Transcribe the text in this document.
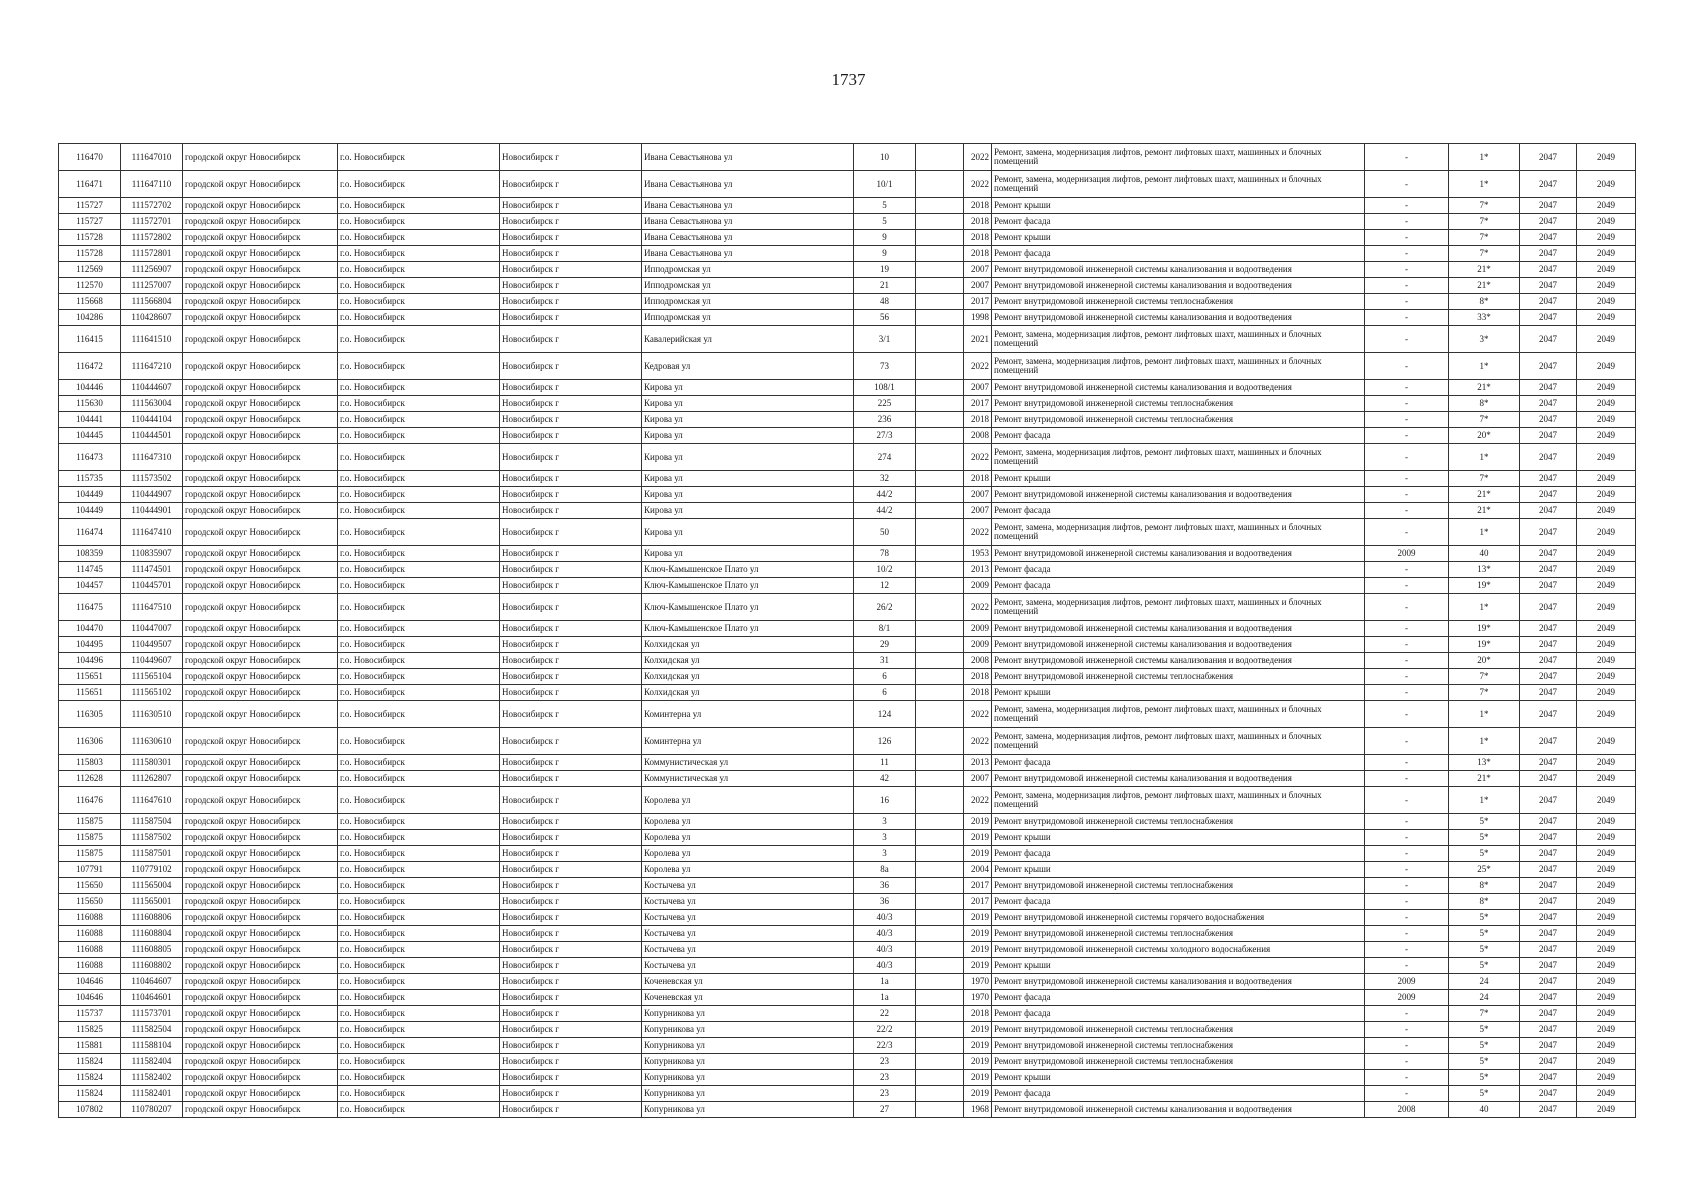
1737
116470	111647010	городской округ Новосибирск	г.о. Новосибирск	Новосибирск г	Ивана Севастьянова ул	10		2022	Ремонт, замена, модернизация лифтов, ремонт лифтовых шахт, машинных и блочных помещений	-	1*	2047	2049
116471	111647110	городской округ Новосибирск	г.о. Новосибирск	Новосибирск г	Ивана Севастьянова ул	10/1		2022	Ремонт, замена, модернизация лифтов, ремонт лифтовых шахт, машинных и блочных помещений	-	1*	2047	2049
115727	111572702	городской округ Новосибирск	г.о. Новосибирск	Новосибирск г	Ивана Севастьянова ул	5		2018	Ремонт крыши	-	7*	2047	2049
115727	111572701	городской округ Новосибирск	г.о. Новосибирск	Новосибирск г	Ивана Севастьянова ул	5		2018	Ремонт фасада	-	7*	2047	2049
115728	111572802	городской округ Новосибирск	г.о. Новосибирск	Новосибирск г	Ивана Севастьянова ул	9		2018	Ремонт крыши	-	7*	2047	2049
115728	111572801	городской округ Новосибирск	г.о. Новосибирск	Новосибирск г	Ивана Севастьянова ул	9		2018	Ремонт фасада	-	7*	2047	2049
112569	111256907	городской округ Новосибирск	г.о. Новосибирск	Новосибирск г	Ипподромская ул	19		2007	Ремонт внутридомовой инженерной системы канализования и водоотведения	-	21*	2047	2049
112570	111257007	городской округ Новосибирск	г.о. Новосибирск	Новосибирск г	Ипподромская ул	21		2007	Ремонт внутридомовой инженерной системы канализования и водоотведения	-	21*	2047	2049
115668	111566804	городской округ Новосибирск	г.о. Новосибирск	Новосибирск г	Ипподромская ул	48		2017	Ремонт внутридомовой инженерной системы теплоснабжения	-	8*	2047	2049
104286	110428607	городской округ Новосибирск	г.о. Новосибирск	Новосибирск г	Ипподромская ул	56		1998	Ремонт внутридомовой инженерной системы канализования и водоотведения	-	33*	2047	2049
116415	111641510	городской округ Новосибирск	г.о. Новосибирск	Новосибирск г	Кавалерийская ул	3/1		2021	Ремонт, замена, модернизация лифтов, ремонт лифтовых шахт, машинных и блочных помещений	-	3*	2047	2049
116472	111647210	городской округ Новосибирск	г.о. Новосибирск	Новосибирск г	Кедровая ул	73		2022	Ремонт, замена, модернизация лифтов, ремонт лифтовых шахт, машинных и блочных помещений	-	1*	2047	2049
104446	110444607	городской округ Новосибирск	г.о. Новосибирск	Новосибирск г	Кирова ул	108/1		2007	Ремонт внутридомовой инженерной системы канализования и водоотведения	-	21*	2047	2049
115630	111563004	городской округ Новосибирск	г.о. Новосибирск	Новосибирск г	Кирова ул	225		2017	Ремонт внутридомовой инженерной системы теплоснабжения	-	8*	2047	2049
104441	110444104	городской округ Новосибирск	г.о. Новосибирск	Новосибирск г	Кирова ул	236		2018	Ремонт внутридомовой инженерной системы теплоснабжения	-	7*	2047	2049
104445	110444501	городской округ Новосибирск	г.о. Новосибирск	Новосибирск г	Кирова ул	27/3		2008	Ремонт фасада	-	20*	2047	2049
116473	111647310	городской округ Новосибирск	г.о. Новосибирск	Новосибирск г	Кирова ул	274		2022	Ремонт, замена, модернизация лифтов, ремонт лифтовых шахт, машинных и блочных помещений	-	1*	2047	2049
115735	111573502	городской округ Новосибирск	г.о. Новосибирск	Новосибирск г	Кирова ул	32		2018	Ремонт крыши	-	7*	2047	2049
104449	110444907	городской округ Новосибирск	г.о. Новосибирск	Новосибирск г	Кирова ул	44/2		2007	Ремонт внутридомовой инженерной системы канализования и водоотведения	-	21*	2047	2049
104449	110444901	городской округ Новосибирск	г.о. Новосибирск	Новосибирск г	Кирова ул	44/2		2007	Ремонт фасада	-	21*	2047	2049
116474	111647410	городской округ Новосибирск	г.о. Новосибирск	Новосибирск г	Кирова ул	50		2022	Ремонт, замена, модернизация лифтов, ремонт лифтовых шахт, машинных и блочных помещений	-	1*	2047	2049
108359	110835907	городской округ Новосибирск	г.о. Новосибирск	Новосибирск г	Кирова ул	78		1953	Ремонт внутридомовой инженерной системы канализования и водоотведения	2009	40	2047	2049
114745	111474501	городской округ Новосибирск	г.о. Новосибирск	Новосибирск г	Ключ-Камышенское Плато ул	10/2		2013	Ремонт фасада	-	13*	2047	2049
104457	110445701	городской округ Новосибирск	г.о. Новосибирск	Новосибирск г	Ключ-Камышенское Плато ул	12		2009	Ремонт фасада	-	19*	2047	2049
116475	111647510	городской округ Новосибирск	г.о. Новосибирск	Новосибирск г	Ключ-Камышенское Плато ул	26/2		2022	Ремонт, замена, модернизация лифтов, ремонт лифтовых шахт, машинных и блочных помещений	-	1*	2047	2049
104470	110447007	городской округ Новосибирск	г.о. Новосибирск	Новосибирск г	Ключ-Камышенское Плато ул	8/1		2009	Ремонт внутридомовой инженерной системы канализования и водоотведения	-	19*	2047	2049
104495	110449507	городской округ Новосибирск	г.о. Новосибирск	Новосибирск г	Колхидская ул	29		2009	Ремонт внутридомовой инженерной системы канализования и водоотведения	-	19*	2047	2049
104496	110449607	городской округ Новосибирск	г.о. Новосибирск	Новосибирск г	Колхидская ул	31		2008	Ремонт внутридомовой инженерной системы канализования и водоотведения	-	20*	2047	2049
115651	111565104	городской округ Новосибирск	г.о. Новосибирск	Новосибирск г	Колхидская ул	6		2018	Ремонт внутридомовой инженерной системы теплоснабжения	-	7*	2047	2049
115651	111565102	городской округ Новосибирск	г.о. Новосибирск	Новосибирск г	Колхидская ул	6		2018	Ремонт крыши	-	7*	2047	2049
116305	111630510	городской округ Новосибирск	г.о. Новосибирск	Новосибирск г	Коминтерна ул	124		2022	Ремонт, замена, модернизация лифтов, ремонт лифтовых шахт, машинных и блочных помещений	-	1*	2047	2049
116306	111630610	городской округ Новосибирск	г.о. Новосибирск	Новосибирск г	Коминтерна ул	126		2022	Ремонт, замена, модернизация лифтов, ремонт лифтовых шахт, машинных и блочных помещений	-	1*	2047	2049
115803	111580301	городской округ Новосибирск	г.о. Новосибирск	Новосибирск г	Коммунистическая ул	11		2013	Ремонт фасада	-	13*	2047	2049
112628	111262807	городской округ Новосибирск	г.о. Новосибирск	Новосибирск г	Коммунистическая ул	42		2007	Ремонт внутридомовой инженерной системы канализования и водоотведения	-	21*	2047	2049
116476	111647610	городской округ Новосибирск	г.о. Новосибирск	Новосибирск г	Королева ул	16		2022	Ремонт, замена, модернизация лифтов, ремонт лифтовых шахт, машинных и блочных помещений	-	1*	2047	2049
115875	111587504	городской округ Новосибирск	г.о. Новосибирск	Новосибирск г	Королева ул	3		2019	Ремонт внутридомовой инженерной системы теплоснабжения	-	5*	2047	2049
115875	111587502	городской округ Новосибирск	г.о. Новосибирск	Новосибирск г	Королева ул	3		2019	Ремонт крыши	-	5*	2047	2049
115875	111587501	городской округ Новосибирск	г.о. Новосибирск	Новосибирск г	Королева ул	3		2019	Ремонт фасада	-	5*	2047	2049
107791	110779102	городской округ Новосибирск	г.о. Новосибирск	Новосибирск г	Королева ул	8а		2004	Ремонт крыши	-	25*	2047	2049
115650	111565004	городской округ Новосибирск	г.о. Новосибирск	Новосибирск г	Костычева ул	36		2017	Ремонт внутридомовой инженерной системы теплоснабжения	-	8*	2047	2049
115650	111565001	городской округ Новосибирск	г.о. Новосибирск	Новосибирск г	Костычева ул	36		2017	Ремонт фасада	-	8*	2047	2049
116088	111608806	городской округ Новосибирск	г.о. Новосибирск	Новосибирск г	Костычева ул	40/3		2019	Ремонт внутридомовой инженерной системы горячего водоснабжения	-	5*	2047	2049
116088	111608804	городской округ Новосибирск	г.о. Новосибирск	Новосибирск г	Костычева ул	40/3		2019	Ремонт внутридомовой инженерной системы теплоснабжения	-	5*	2047	2049
116088	111608805	городской округ Новосибирск	г.о. Новосибирск	Новосибирск г	Костычева ул	40/3		2019	Ремонт внутридомовой инженерной системы холодного водоснабжения	-	5*	2047	2049
116088	111608802	городской округ Новосибирск	г.о. Новосибирск	Новосибирск г	Костычева ул	40/3		2019	Ремонт крыши	-	5*	2047	2049
104646	110464607	городской округ Новосибирск	г.о. Новосибирск	Новосибирск г	Коченевская ул	1а		1970	Ремонт внутридомовой инженерной системы канализования и водоотведения	2009	24	2047	2049
104646	110464601	городской округ Новосибирск	г.о. Новосибирск	Новосибирск г	Коченевская ул	1а		1970	Ремонт фасада	2009	24	2047	2049
115737	111573701	городской округ Новосибирск	г.о. Новосибирск	Новосибирск г	Копурникова ул	22		2018	Ремонт фасада	-	7*	2047	2049
115825	111582504	городской округ Новосибирск	г.о. Новосибирск	Новосибирск г	Копурникова ул	22/2		2019	Ремонт внутридомовой инженерной системы теплоснабжения	-	5*	2047	2049
115881	111588104	городской округ Новосибирск	г.о. Новосибирск	Новосибирск г	Копурникова ул	22/3		2019	Ремонт внутридомовой инженерной системы теплоснабжения	-	5*	2047	2049
115824	111582404	городской округ Новосибирск	г.о. Новосибирск	Новосибирск г	Копурникова ул	23		2019	Ремонт внутридомовой инженерной системы теплоснабжения	-	5*	2047	2049
115824	111582402	городской округ Новосибирск	г.о. Новосибирск	Новосибирск г	Копурникова ул	23		2019	Ремонт крыши	-	5*	2047	2049
115824	111582401	городской округ Новосибирск	г.о. Новосибирск	Новосибирск г	Копурникова ул	23		2019	Ремонт фасада	-	5*	2047	2049
107802	110780207	городской округ Новосибирск	г.о. Новосибирск	Новосибирск г	Копурникова ул	27		1968	Ремонт внутридомовой инженерной системы канализования и водоотведения	2008	40	2047	2049
